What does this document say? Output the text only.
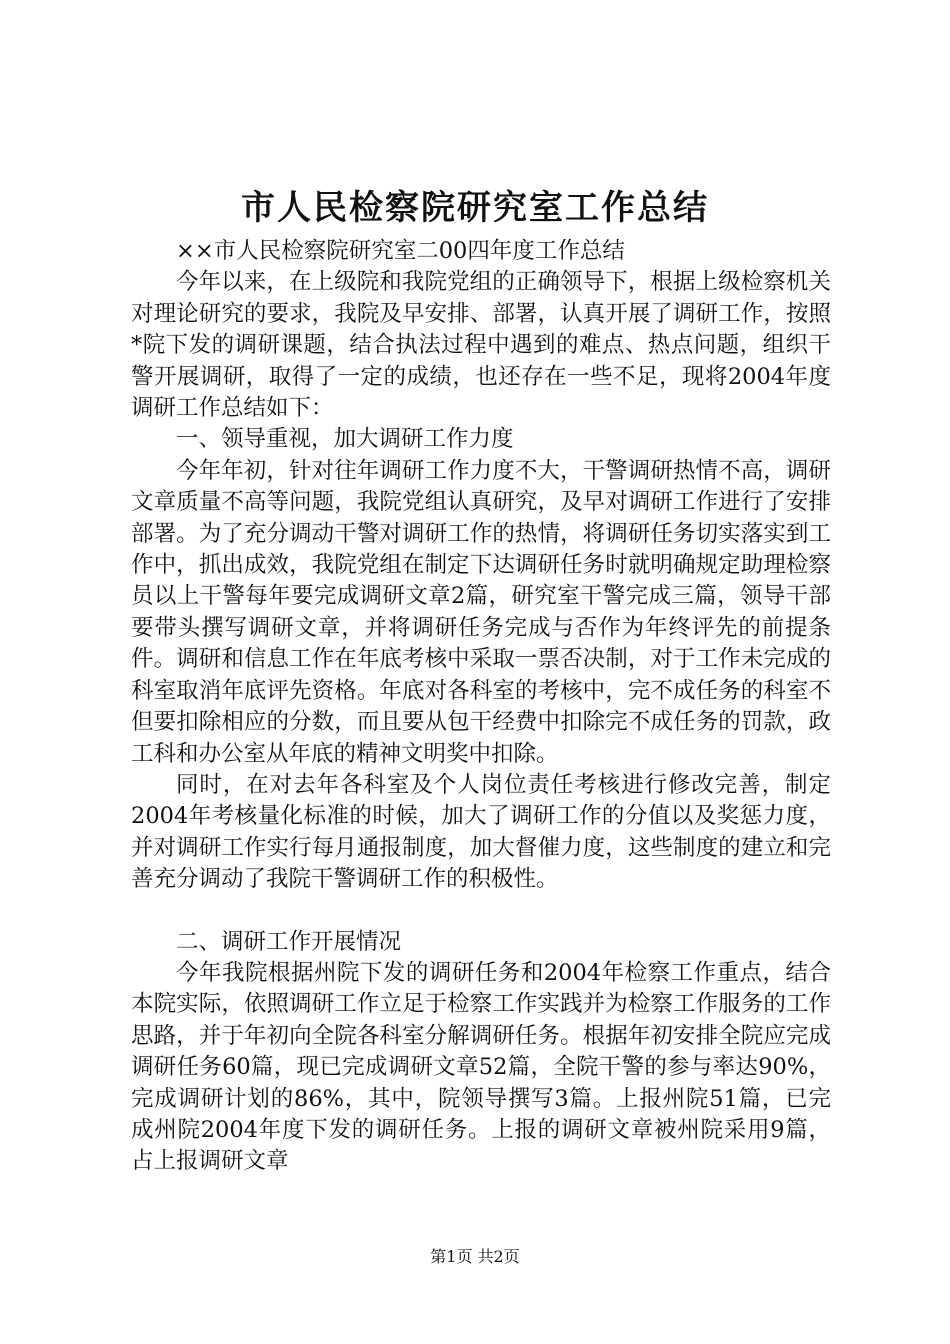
市人民检察院研究室工作总结

××市人民检察院研究室二00四年度工作总结

今年以来，在上级院和我院党组的正确领导下，根据上级检察机关对理论研究的要求，我院及早安排、部署，认真开展了调研工作，按照*院下发的调研课题，结合执法过程中遇到的难点、热点问题，组织干警开展调研，取得了一定的成绩，也还存在一些不足，现将2004年度调研工作总结如下：

一、领导重视，加大调研工作力度

今年年初，针对往年调研工作力度不大，干警调研热情不高，调研文章质量不高等问题，我院党组认真研究，及早对调研工作进行了安排部署。为了充分调动干警对调研工作的热情，将调研任务切实落实到工作中，抓出成效，我院党组在制定下达调研任务时就明确规定助理检察员以上干警每年要完成调研文章2篇，研究室干警完成三篇，领导干部要带头撰写调研文章，并将调研任务完成与否作为年终评先的前提条件。调研和信息工作在年底考核中采取一票否决制，对于工作未完成的科室取消年底评先资格。年底对各科室的考核中，完不成任务的科室不但要扣除相应的分数，而且要从包干经费中扣除完不成任务的罚款，政工科和办公室从年底的精神文明奖中扣除。

同时，在对去年各科室及个人岗位责任考核进行修改完善，制定2004年考核量化标准的时候，加大了调研工作的分值以及奖惩力度，并对调研工作实行每月通报制度，加大督催力度，这些制度的建立和完善充分调动了我院干警调研工作的积极性。

二、调研工作开展情况

今年我院根据州院下发的调研任务和2004年检察工作重点，结合本院实际，依照调研工作立足于检察工作实践并为检察工作服务的工作思路，并于年初向全院各科室分解调研任务。根据年初安排全院应完成调研任务60篇，现已完成调研文章52篇，全院干警的参与率达90%，完成调研计划的86%，其中，院领导撰写3篇。上报州院51篇，已完成州院2004年度下发的调研任务。上报的调研文章被州院采用9篇，占上报调研文章

第1页 共2页
